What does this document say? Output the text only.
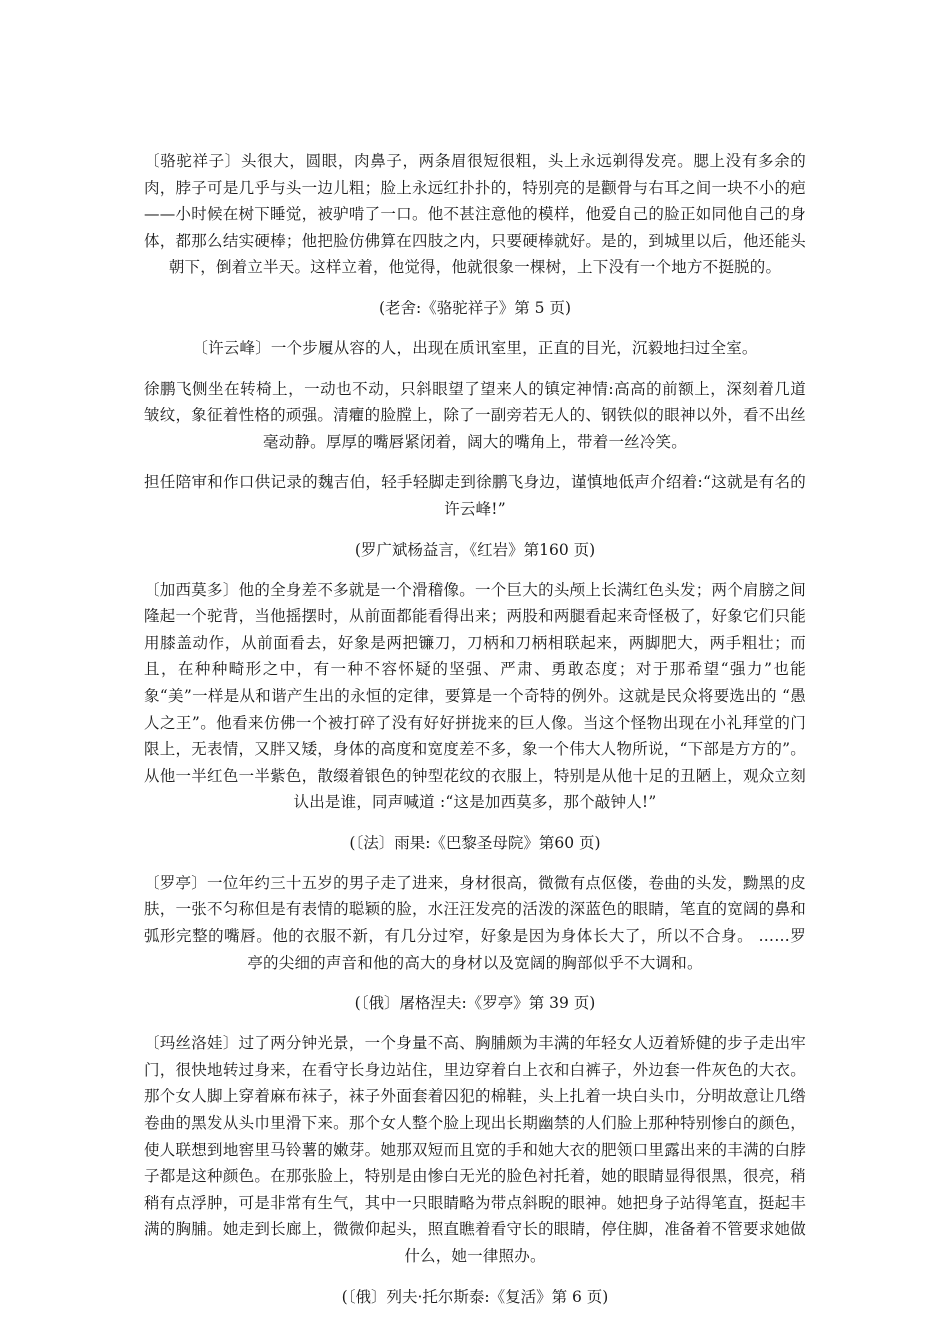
〔骆驼祥子〕头很大，圆眼，肉鼻子，两条眉很短很粗，头上永远剃得发亮。腮上没有多余的肉，脖子可是几乎与头一边儿粗；脸上永远红扑扑的，特别亮的是颧骨与右耳之间一块不小的疤——小时候在树下睡觉，被驴啃了一口。他不甚注意他的模样，他爱自己的脸正如同他自己的身体，都那么结实硬棒；他把脸仿佛算在四肢之内，只要硬棒就好。是的，到城里以后，他还能头朝下，倒着立半天。这样立着，他觉得，他就很象一棵树，上下没有一个地方不挺脱的。

(老舍:《骆驼祥子》第 5 页)

〔许云峰〕一个步履从容的人，出现在质讯室里，正直的目光，沉毅地扫过全室。

徐鹏飞侧坐在转椅上，一动也不动，只斜眼望了望来人的镇定神情:高高的前额上，深刻着几道皱纹，象征着性格的顽强。清癯的脸膛上，除了一副旁若无人的、钢铁似的眼神以外，看不出丝毫动静。厚厚的嘴唇紧闭着，阔大的嘴角上，带着一丝冷笑。

担任陪审和作口供记录的魏吉伯，轻手轻脚走到徐鹏飞身边，谨慎地低声介绍着:“这就是有名的许云峰!”

(罗广斌杨益言，《红岩》第160 页)

〔加西莫多〕他的全身差不多就是一个滑稽像。一个巨大的头颅上长满红色头发；两个肩膀之间隆起一个驼背，当他摇摆时，从前面都能看得出来；两股和两腿看起来奇怪极了，好象它们只能用膝盖动作，从前面看去，好象是两把镰刀，刀柄和刀柄相联起来，两脚肥大，两手粗壮；而且，在种种畸形之中，有一种不容怀疑的坚强、严肃、勇敢态度；对于那希望“强力”也能象“美”一样是从和谐产生出的永恒的定律，要算是一个奇特的例外。这就是民众将要选出的 “愚人之王”。他看来仿佛一个被打碎了没有好好拼拢来的巨人像。当这个怪物出现在小礼拜堂的门限上，无表情，又胖又矮，身体的高度和宽度差不多，象一个伟大人物所说，“下部是方方的”。从他一半红色一半紫色，散缀着银色的钟型花纹的衣服上，特别是从他十足的丑陋上，观众立刻认出是谁，同声喊道 :“这是加西莫多，那个敲钟人!”

(〔法〕雨果:《巴黎圣母院》第60 页)

〔罗亭〕一位年约三十五岁的男子走了进来，身材很高，微微有点伛偻，卷曲的头发，黝黑的皮肤，一张不匀称但是有表情的聪颖的脸，水汪汪发亮的活泼的深蓝色的眼睛，笔直的宽阔的鼻和弧形完整的嘴唇。他的衣服不新，有几分过窄，好象是因为身体长大了，所以不合身。 ……罗亭的尖细的声音和他的高大的身材以及宽阔的胸部似乎不大调和。

(〔俄〕屠格涅夫:《罗亭》第 39 页)

〔玛丝洛娃〕过了两分钟光景，一个身量不高、胸脯颇为丰满的年轻女人迈着矫健的步子走出牢门，很快地转过身来，在看守长身边站住，里边穿着白上衣和白裤子，外边套一件灰色的大衣。那个女人脚上穿着麻布袜子，袜子外面套着囚犯的棉鞋，头上扎着一块白头巾，分明故意让几绺卷曲的黑发从头巾里滑下来。那个女人整个脸上现出长期幽禁的人们脸上那种特别惨白的颜色，使人联想到地窖里马铃薯的嫩芽。她那双短而且宽的手和她大衣的肥领口里露出来的丰满的白脖子都是这种颜色。在那张脸上，特别是由惨白无光的脸色衬托着，她的眼睛显得很黑，很亮，稍稍有点浮肿，可是非常有生气，其中一只眼睛略为带点斜睨的眼神。她把身子站得笔直，挺起丰满的胸脯。她走到长廊上，微微仰起头，照直瞧着看守长的眼睛，停住脚，准备着不管要求她做什么，她一律照办。

(〔俄〕列夫·托尔斯泰:《复活》第 6 页)
